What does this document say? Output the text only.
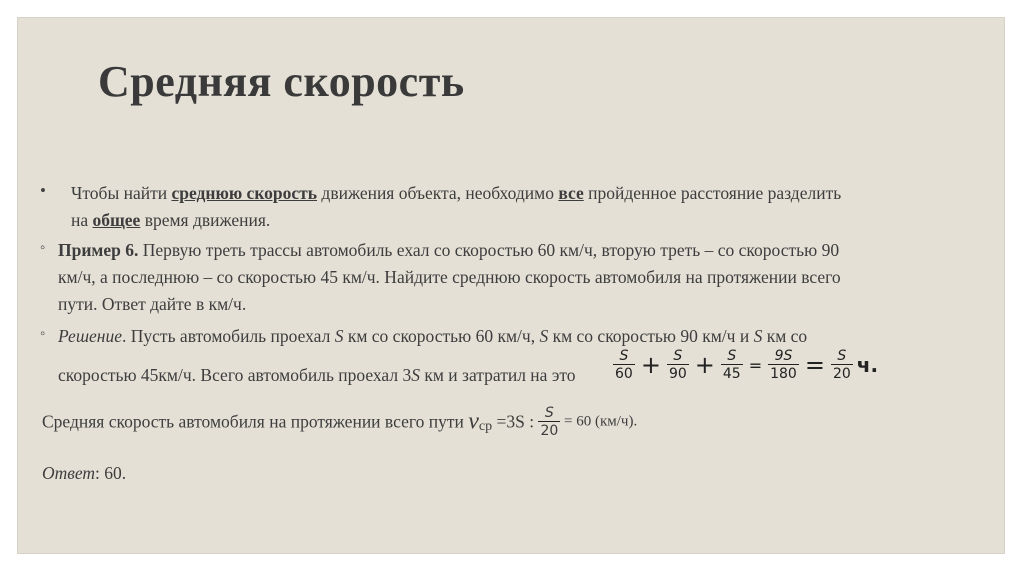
Средняя скорость
• Чтобы найти среднюю скорость движения объекта, необходимо все пройденное расстояние разделить
на общее время движения.
◦ Пример 6. Первую треть трассы автомобиль ехал со скоростью 60 км/ч, вторую треть – со скоростью 90
км/ч, а последнюю – со скоростью 45 км/ч. Найдите среднюю скорость автомобиля на протяжении всего
пути. Ответ дайте в км/ч.
◦ Решение. Пусть автомобиль проехал S км со скоростью 60 км/ч, S км со скоростью 90 км/ч и S км со
скоростью 45км/ч. Всего автомобиль проехал 3S км и затратил на это	$\frac{S}{60} + \frac{S}{90} + \frac{S}{45} = \frac{9S}{180} = \frac{S}{20} ч$.
Средняя скорость автомобиля на протяжении всего пути $v_{ср} =3S$ : $\frac{S}{20} = 60$ (км/ч).
Ответ: 60.
